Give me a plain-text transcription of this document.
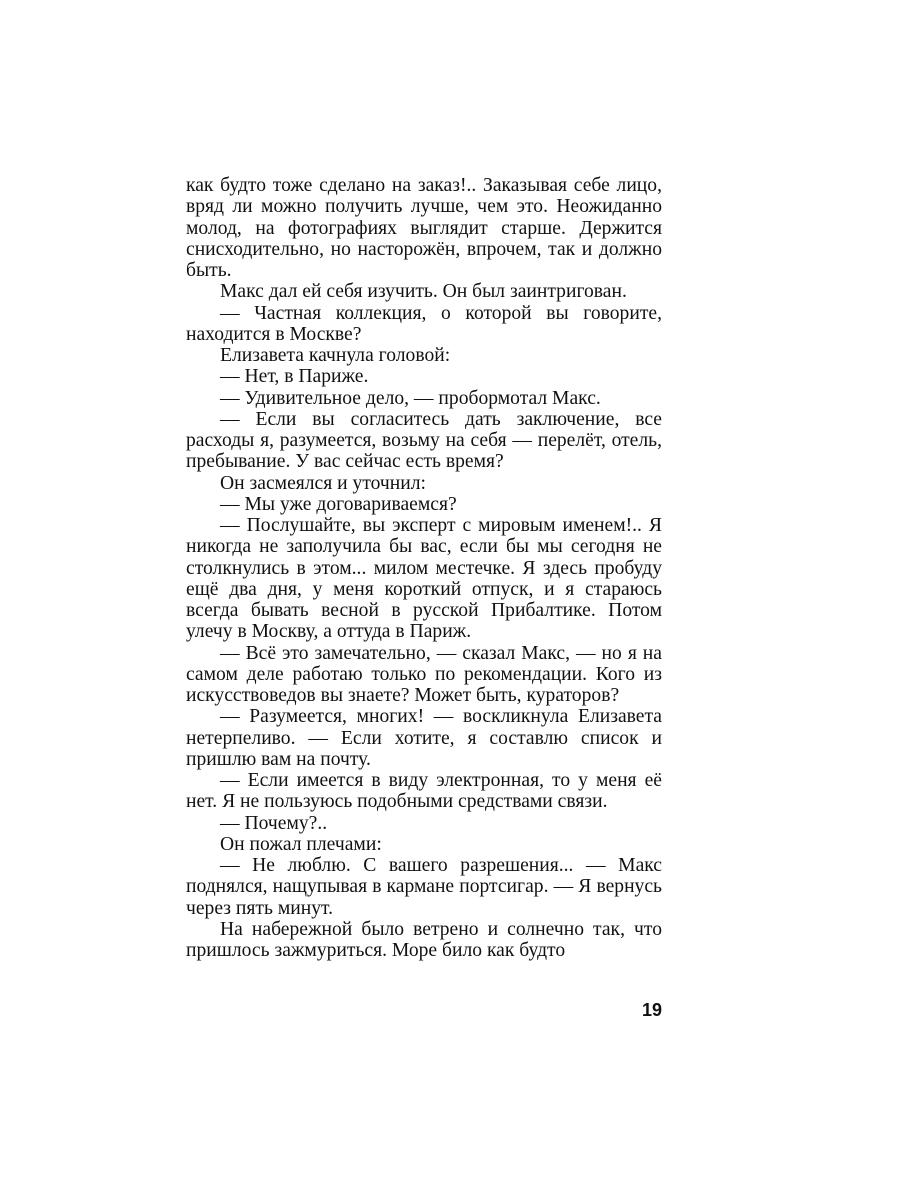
как будто тоже сделано на заказ!.. Заказывая себе лицо, вряд ли можно получить лучше, чем это. Неожиданно молод, на фотографиях выглядит старше. Держится снисходительно, но насторожён, впрочем, так и должно быть.

Макс дал ей себя изучить. Он был заинтригован.

— Частная коллекция, о которой вы говорите, находится в Москве?

Елизавета качнула головой:

— Нет, в Париже.

— Удивительное дело, — пробормотал Макс.

— Если вы согласитесь дать заключение, все расходы я, разумеется, возьму на себя — перелёт, отель, пребывание. У вас сейчас есть время?

Он засмеялся и уточнил:

— Мы уже договариваемся?

— Послушайте, вы эксперт с мировым именем!.. Я никогда не заполучила бы вас, если бы мы сегодня не столкнулись в этом... милом местечке. Я здесь пробуду ещё два дня, у меня короткий отпуск, и я стараюсь всегда бывать весной в русской Прибалтике. Потом улечу в Москву, а оттуда в Париж.

— Всё это замечательно, — сказал Макс, — но я на самом деле работаю только по рекомендации. Кого из искусствоведов вы знаете? Может быть, кураторов?

— Разумеется, многих! — воскликнула Елизавета нетерпеливо. — Если хотите, я составлю список и пришлю вам на почту.

— Если имеется в виду электронная, то у меня её нет. Я не пользуюсь подобными средствами связи.

— Почему?..

Он пожал плечами:

— Не люблю. С вашего разрешения... — Макс поднялся, нащупывая в кармане портсигар. — Я вернусь через пять минут.

На набережной было ветрено и солнечно так, что пришлось зажмуриться. Море било как будто

19
